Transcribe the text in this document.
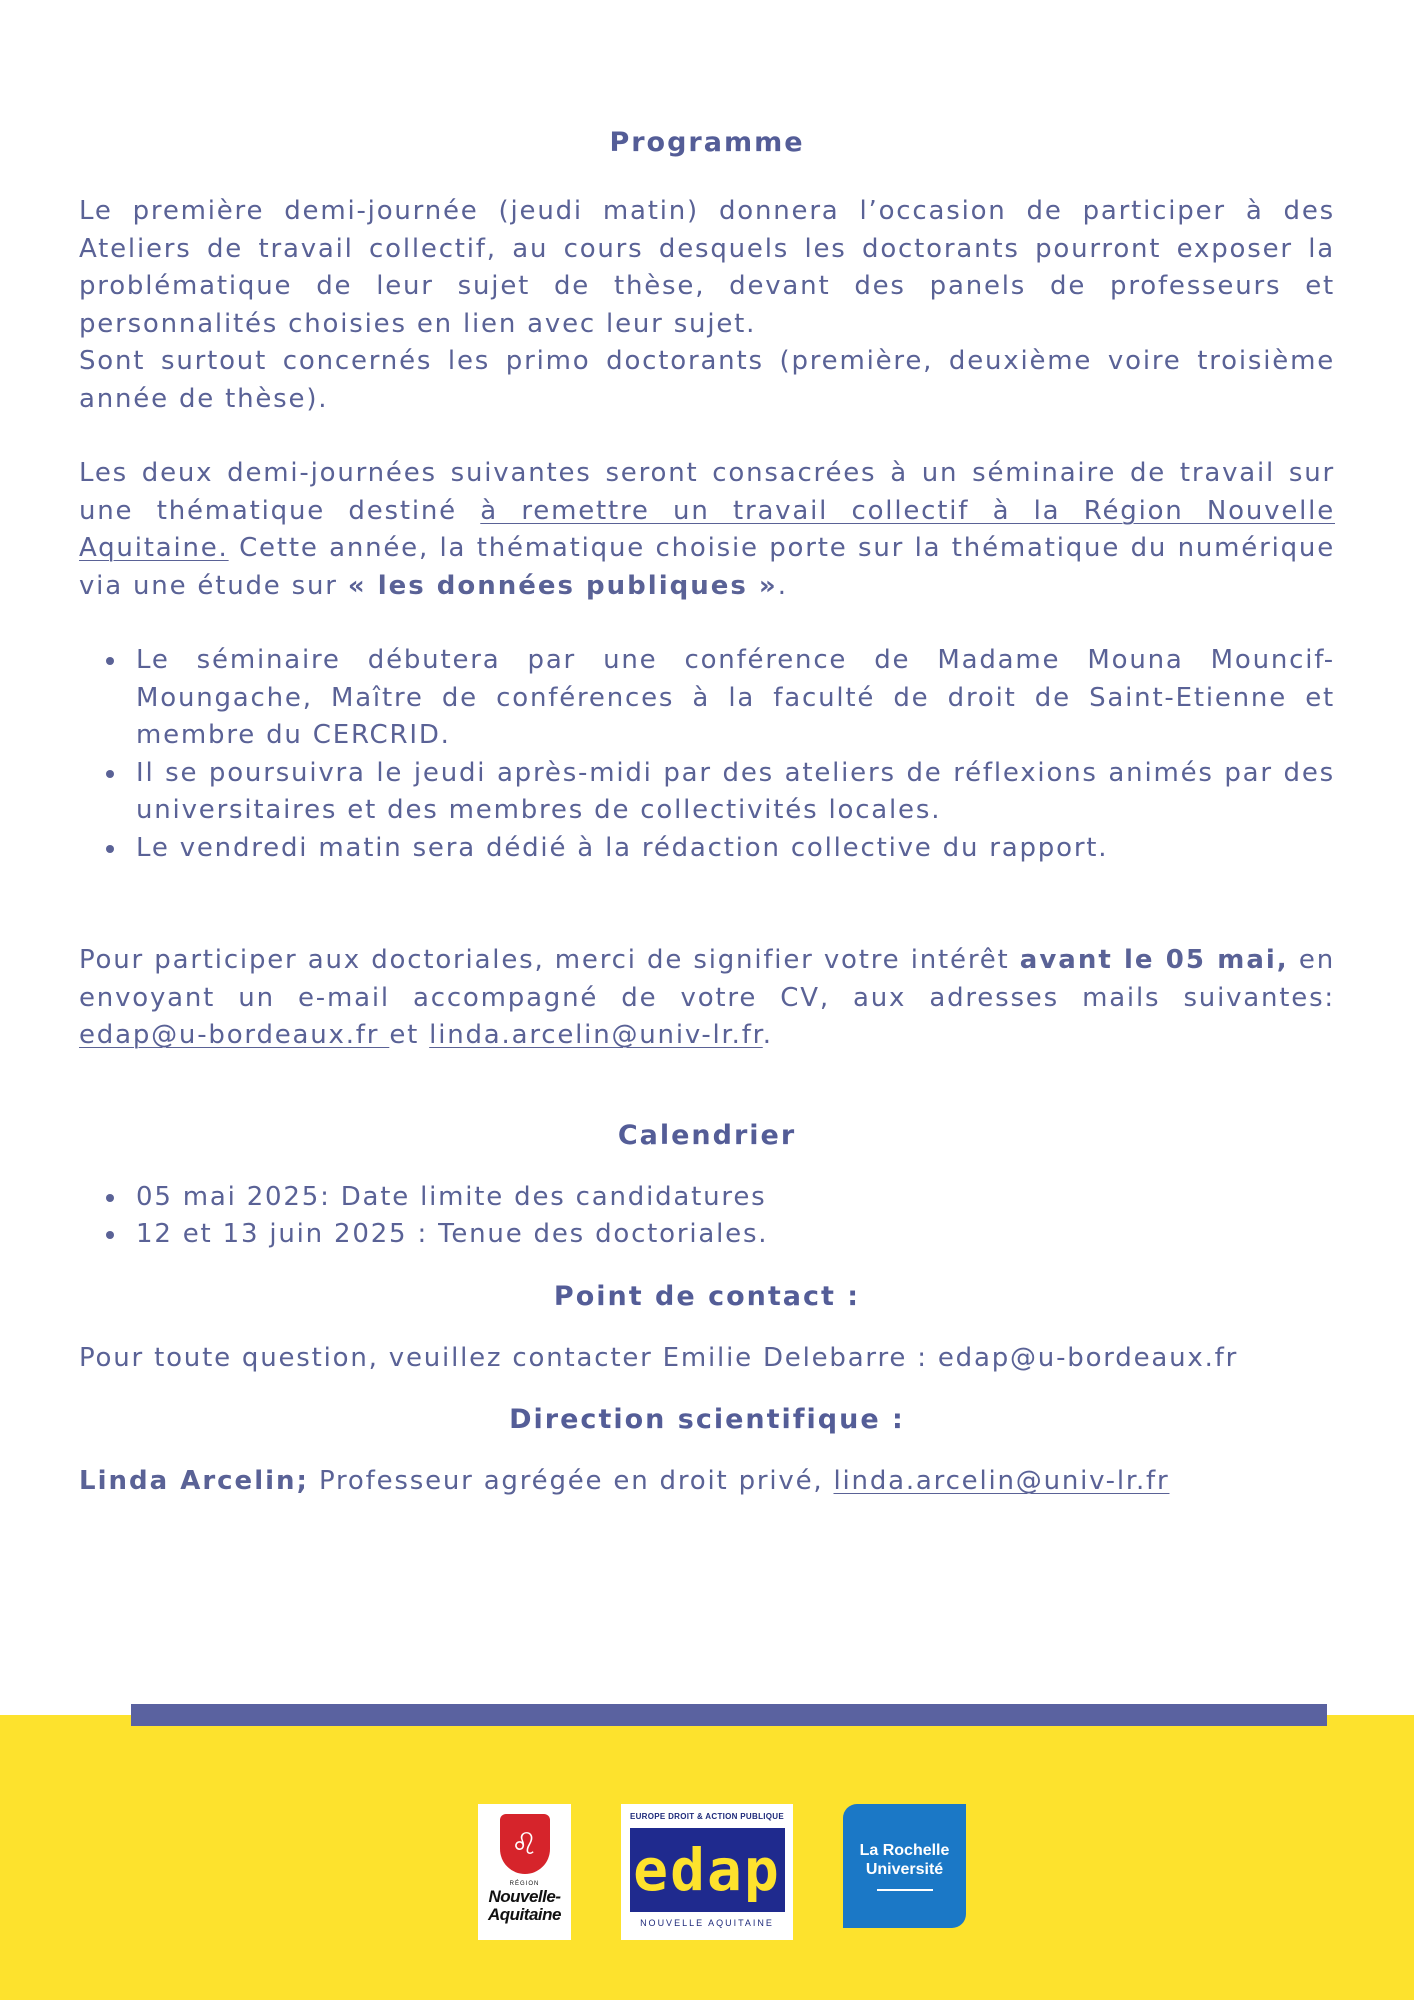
Programme

Le première demi-journée (jeudi matin) donnera l’occasion de participer à des Ateliers de travail collectif, au cours desquels les doctorants pourront exposer la problématique de leur sujet de thèse, devant des panels de professeurs et personnalités choisies en lien avec leur sujet.

Sont surtout concernés les primo doctorants (première, deuxième voire troisième année de thèse).

Les deux demi-journées suivantes seront consacrées à un séminaire de travail sur une thématique destiné à remettre un travail collectif à la Région Nouvelle Aquitaine. Cette année, la thématique choisie porte sur la thématique du numérique via une étude sur « les données publiques ».

Le séminaire débutera par une conférence de Madame Mouna Mouncif-Moungache, Maître de conférences à la faculté de droit de Saint-Etienne et membre du CERCRID.
Il se poursuivra le jeudi après-midi par des ateliers de réflexions animés par des universitaires et des membres de collectivités locales.
Le vendredi matin sera dédié à la rédaction collective du rapport.

Pour participer aux doctoriales, merci de signifier votre intérêt avant le 05 mai, en envoyant un e-mail accompagné de votre CV, aux adresses mails suivantes: edap@u-bordeaux.fr et linda.arcelin@univ-lr.fr.

Calendrier
05 mai 2025: Date limite des candidatures
12 et 13 juin 2025 : Tenue des doctoriales.
Point de contact :

Pour toute question, veuillez contacter Emilie Delebarre : edap@u-bordeaux.fr

Direction scientifique :

Linda Arcelin; Professeur agrégée en droit privé, linda.arcelin@univ-lr.fr

♌
RÉGION
Nouvelle-
Aquitaine
EUROPE DROIT & ACTION PUBLIQUE
edap
NOUVELLE AQUITAINE
La Rochelle
Université
